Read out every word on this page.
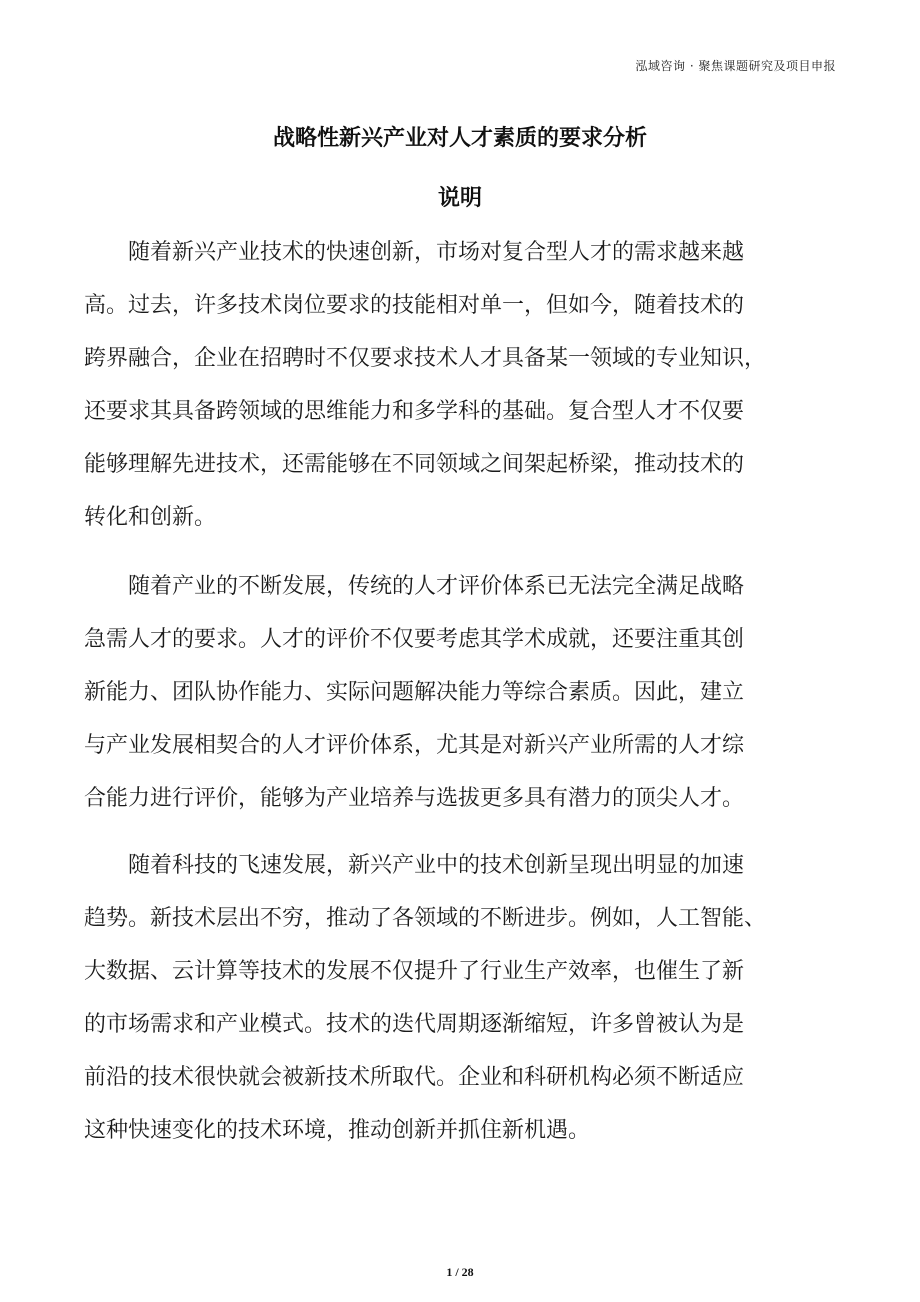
泓域咨询 · 聚焦课题研究及项目申报
战略性新兴产业对人才素质的要求分析
说明
随着新兴产业技术的快速创新，市场对复合型人才的需求越来越
高。过去，许多技术岗位要求的技能相对单一，但如今，随着技术的
跨界融合，企业在招聘时不仅要求技术人才具备某一领域的专业知识，
还要求其具备跨领域的思维能力和多学科的基础。复合型人才不仅要
能够理解先进技术，还需能够在不同领域之间架起桥梁，推动技术的
转化和创新。
随着产业的不断发展，传统的人才评价体系已无法完全满足战略
急需人才的要求。人才的评价不仅要考虑其学术成就，还要注重其创
新能力、团队协作能力、实际问题解决能力等综合素质。因此，建立
与产业发展相契合的人才评价体系，尤其是对新兴产业所需的人才综
合能力进行评价，能够为产业培养与选拔更多具有潜力的顶尖人才。
随着科技的飞速发展，新兴产业中的技术创新呈现出明显的加速
趋势。新技术层出不穷，推动了各领域的不断进步。例如，人工智能、
大数据、云计算等技术的发展不仅提升了行业生产效率，也催生了新
的市场需求和产业模式。技术的迭代周期逐渐缩短，许多曾被认为是
前沿的技术很快就会被新技术所取代。企业和科研机构必须不断适应
这种快速变化的技术环境，推动创新并抓住新机遇。
1 / 28
